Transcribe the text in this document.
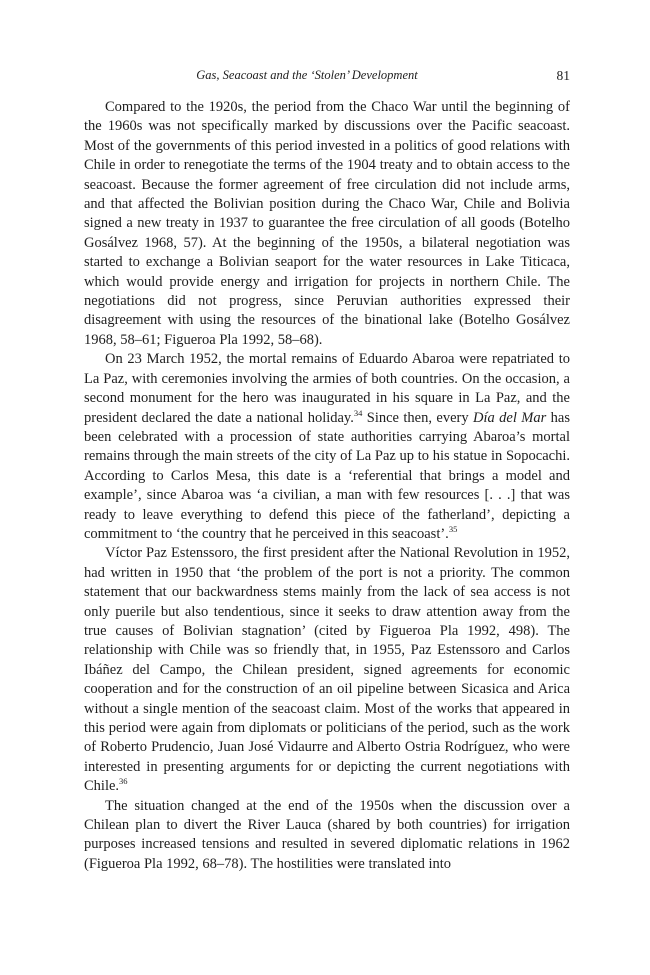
Gas, Seacoast and the ‘Stolen’ Development	81

Compared to the 1920s, the period from the Chaco War until the beginning of the 1960s was not specifically marked by discussions over the Pacific seacoast. Most of the governments of this period invested in a politics of good relations with Chile in order to renegotiate the terms of the 1904 treaty and to obtain access to the seacoast. Because the former agreement of free circulation did not include arms, and that affected the Bolivian position during the Chaco War, Chile and Bolivia signed a new treaty in 1937 to guarantee the free circulation of all goods (Botelho Gosálvez 1968, 57). At the beginning of the 1950s, a bilateral negotiation was started to exchange a Bolivian seaport for the water resources in Lake Titicaca, which would provide energy and irrigation for projects in northern Chile. The negotiations did not progress, since Peruvian authorities expressed their disagreement with using the resources of the binational lake (Botelho Gosálvez 1968, 58–61; Figueroa Pla 1992, 58–68).

On 23 March 1952, the mortal remains of Eduardo Abaroa were repatriated to La Paz, with ceremonies involving the armies of both countries. On the occasion, a second monument for the hero was inaugurated in his square in La Paz, and the president declared the date a national holiday.$^{34}$ Since then, every Día del Mar has been celebrated with a procession of state authorities carrying Abaroa’s mortal remains through the main streets of the city of La Paz up to his statue in Sopocachi. According to Carlos Mesa, this date is a ‘referential that brings a model and example’, since Abaroa was ‘a civilian, a man with few resources [. . .] that was ready to leave everything to defend this piece of the fatherland’, depicting a commitment to ‘the country that he perceived in this seacoast’.$^{35}$

Víctor Paz Estenssoro, the first president after the National Revolution in 1952, had written in 1950 that ‘the problem of the port is not a priority. The common statement that our backwardness stems mainly from the lack of sea access is not only puerile but also tendentious, since it seeks to draw attention away from the true causes of Bolivian stagnation’ (cited by Figueroa Pla 1992, 498). The relationship with Chile was so friendly that, in 1955, Paz Estenssoro and Carlos Ibáñez del Campo, the Chilean president, signed agreements for economic cooperation and for the construction of an oil pipeline between Sicasica and Arica without a single mention of the seacoast claim. Most of the works that appeared in this period were again from diplomats or politicians of the period, such as the work of Roberto Prudencio, Juan José Vidaurre and Alberto Ostria Rodríguez, who were interested in presenting arguments for or depicting the current negotiations with Chile.$^{36}$

The situation changed at the end of the 1950s when the discussion over a Chilean plan to divert the River Lauca (shared by both countries) for irrigation purposes increased tensions and resulted in severed diplomatic relations in 1962 (Figueroa Pla 1992, 68–78). The hostilities were translated into
